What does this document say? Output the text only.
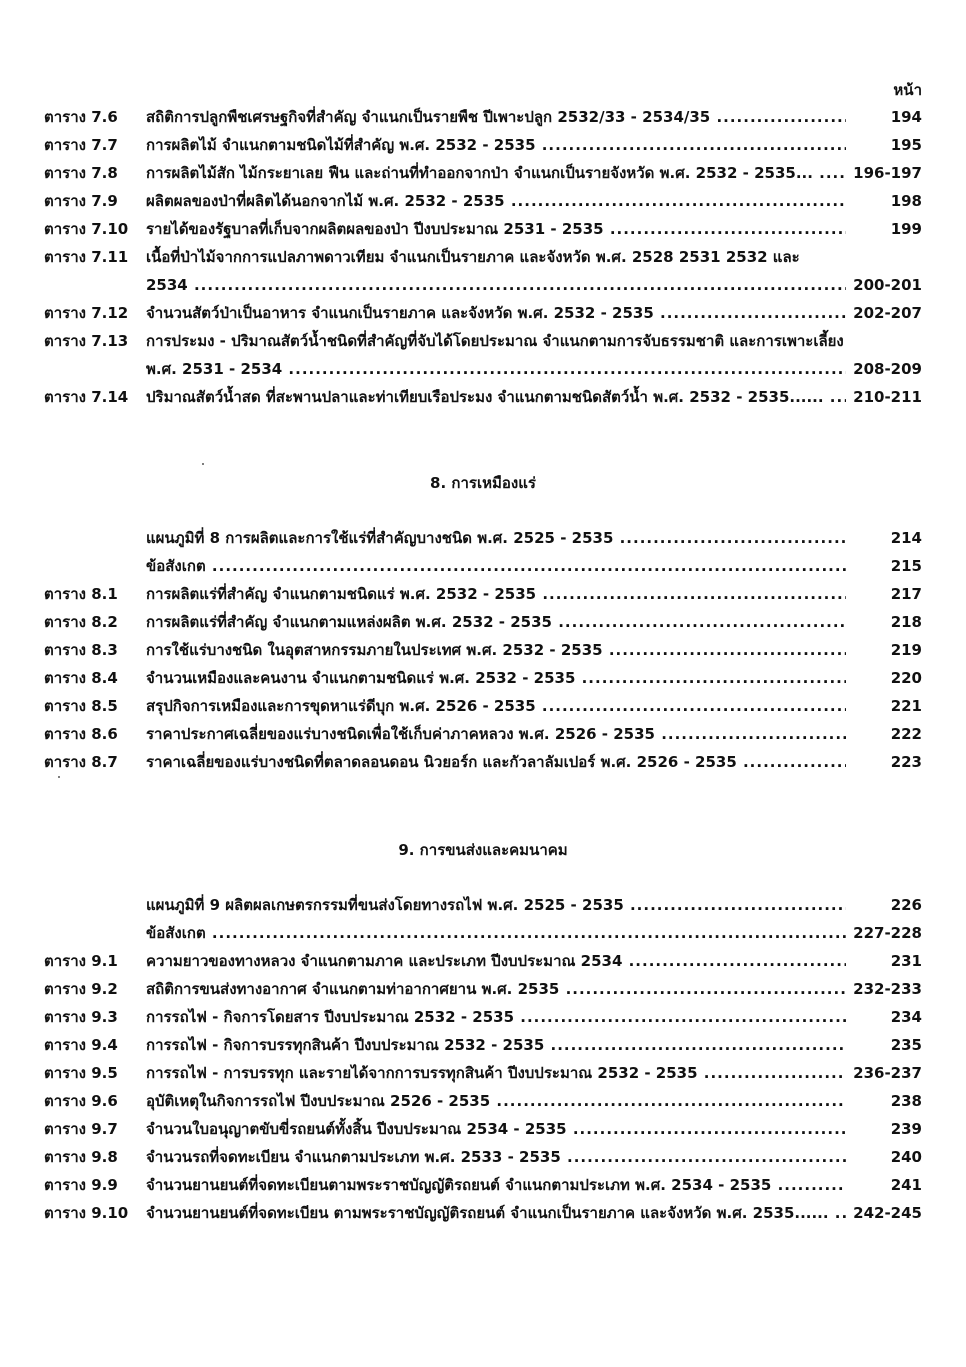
หน้า
ตาราง 7.6	สถิติการปลูกพืชเศรษฐกิจที่สำคัญ จำแนกเป็นรายพืช ปีเพาะปลูก 2532/33 - 2534/35 .....	194
ตาราง 7.7	การผลิตไม้ จำแนกตามชนิดไม้ที่สำคัญ พ.ศ. 2532 - 2535 .....	195
ตาราง 7.8	การผลิตไม้สัก ไม้กระยาเลย ฟืน และถ่านที่ทำออกจากป่า จำแนกเป็นรายจังหวัด พ.ศ. 2532 - 2535... .....	196-197
ตาราง 7.9	ผลิตผลของป่าที่ผลิตได้นอกจากไม้ พ.ศ. 2532 - 2535 .....	198
ตาราง 7.10	รายได้ของรัฐบาลที่เก็บจากผลิตผลของป่า ปีงบประมาณ 2531 - 2535 .....	199
ตาราง 7.11	เนื้อที่ป่าไม้จากการแปลภาพดาวเทียม จำแนกเป็นรายภาค และจังหวัด พ.ศ. 2528 2531 2532 และ
2534 .....	200-201
ตาราง 7.12	จำนวนสัตว์ป่าเป็นอาหาร จำแนกเป็นรายภาค และจังหวัด พ.ศ. 2532 - 2535 .....	202-207
ตาราง 7.13	การประมง - ปริมาณสัตว์น้ำชนิดที่สำคัญที่จับได้โดยประมาณ จำแนกตามการจับธรรมชาติ และการเพาะเลี้ยง
พ.ศ. 2531 - 2534 .....	208-209
ตาราง 7.14	ปริมาณสัตว์น้ำสด ที่สะพานปลาและท่าเทียบเรือประมง จำแนกตามชนิดสัตว์น้ำ พ.ศ. 2532 - 2535...... .....	210-211
8. การเหมืองแร่
แผนภูมิที่ 8 การผลิตและการใช้แร่ที่สำคัญบางชนิด พ.ศ. 2525 - 2535 .....	214
ข้อสังเกต .....	215
ตาราง 8.1	การผลิตแร่ที่สำคัญ จำแนกตามชนิดแร่ พ.ศ. 2532 - 2535 .....	217
ตาราง 8.2	การผลิตแร่ที่สำคัญ จำแนกตามแหล่งผลิต พ.ศ. 2532 - 2535 .....	218
ตาราง 8.3	การใช้แร่บางชนิด ในอุตสาหกรรมภายในประเทศ พ.ศ. 2532 - 2535 .....	219
ตาราง 8.4	จำนวนเหมืองและคนงาน จำแนกตามชนิดแร่ พ.ศ. 2532 - 2535 .....	220
ตาราง 8.5	สรุปกิจการเหมืองและการขุดหาแร่ดีบุก พ.ศ. 2526 - 2535 .....	221
ตาราง 8.6	ราคาประกาศเฉลี่ยของแร่บางชนิดเพื่อใช้เก็บค่าภาคหลวง พ.ศ. 2526 - 2535 .....	222
ตาราง 8.7	ราคาเฉลี่ยของแร่บางชนิดที่ตลาดลอนดอน นิวยอร์ก และกัวลาลัมเปอร์ พ.ศ. 2526 - 2535 .....	223
9. การขนส่งและคมนาคม
แผนภูมิที่ 9 ผลิตผลเกษตรกรรมที่ขนส่งโดยทางรถไฟ พ.ศ. 2525 - 2535 .....	226
ข้อสังเกต .....	227-228
ตาราง 9.1	ความยาวของทางหลวง จำแนกตามภาค และประเภท ปีงบประมาณ 2534 .....	231
ตาราง 9.2	สถิติการขนส่งทางอากาศ จำแนกตามท่าอากาศยาน พ.ศ. 2535 .....	232-233
ตาราง 9.3	การรถไฟ - กิจการโดยสาร ปีงบประมาณ 2532 - 2535 .....	234
ตาราง 9.4	การรถไฟ - กิจการบรรทุกสินค้า ปีงบประมาณ 2532 - 2535 .....	235
ตาราง 9.5	การรถไฟ - การบรรทุก และรายได้จากการบรรทุกสินค้า ปีงบประมาณ 2532 - 2535 .....	236-237
ตาราง 9.6	อุบัติเหตุในกิจการรถไฟ ปีงบประมาณ 2526 - 2535 .....	238
ตาราง 9.7	จำนวนใบอนุญาตขับขี่รถยนต์ทั้งสิ้น ปีงบประมาณ 2534 - 2535 .....	239
ตาราง 9.8	จำนวนรถที่จดทะเบียน จำแนกตามประเภท พ.ศ. 2533 - 2535 .....	240
ตาราง 9.9	จำนวนยานยนต์ที่จดทะเบียนตามพระราชบัญญัติรถยนต์ จำแนกตามประเภท พ.ศ. 2534 - 2535 .....	241
ตาราง 9.10	จำนวนยานยนต์ที่จดทะเบียน ตามพระราชบัญญัติรถยนต์ จำแนกเป็นรายภาค และจังหวัด พ.ศ. 2535...... .....	242-245
